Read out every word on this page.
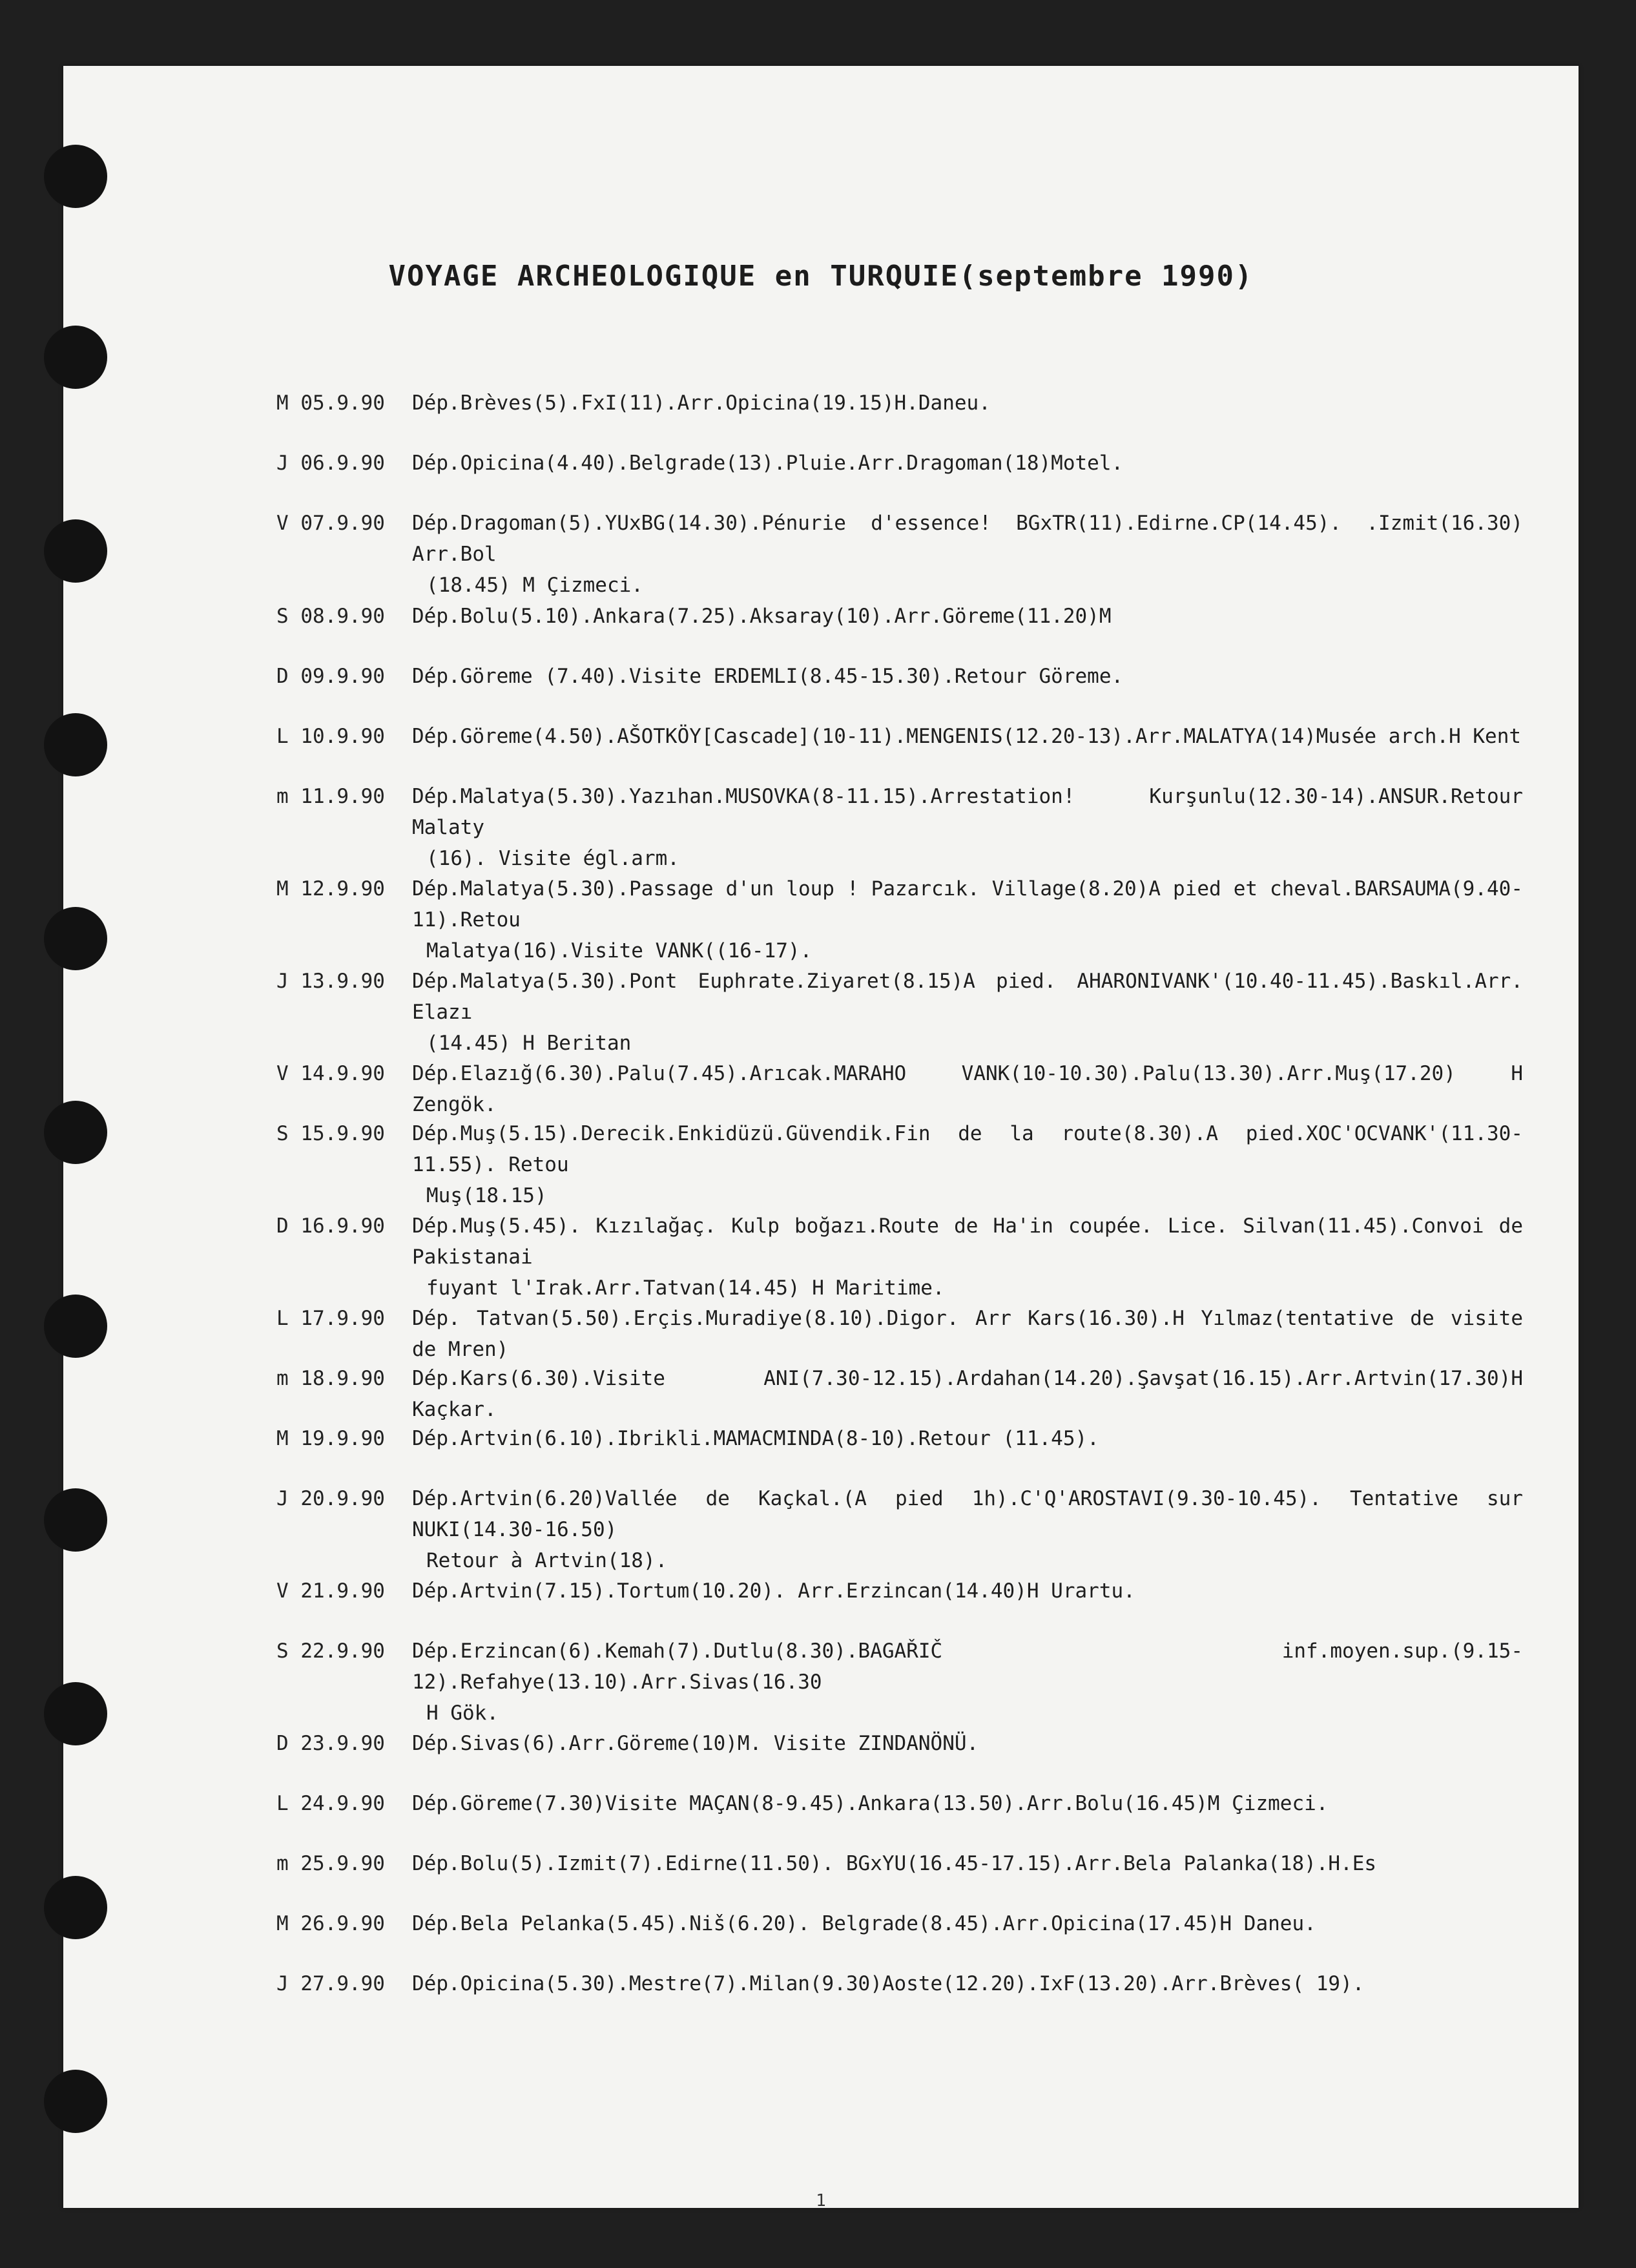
VOYAGE ARCHEOLOGIQUE en TURQUIE(septembre 1990)
M 05.9.90	Dép.Brèves(5).FxI(11).Arr.Opicina(19.15)H.Daneu.
J 06.9.90	Dép.Opicina(4.40).Belgrade(13).Pluie.Arr.Dragoman(18)Motel.
V 07.9.90	Dép.Dragoman(5).YUxBG(14.30).Pénurie d'essence! BGxTR(11).Edirne.CP(14.45). .Izmit(16.30) Arr.Bol
(18.45) M Çizmeci.
S 08.9.90	Dép.Bolu(5.10).Ankara(7.25).Aksaray(10).Arr.Göreme(11.20)M
D 09.9.90	Dép.Göreme (7.40).Visite ERDEMLI(8.45-15.30).Retour Göreme.
L 10.9.90	Dép.Göreme(4.50).AŠOTKÖY[Cascade](10-11).MENGENIS(12.20-13).Arr.MALATYA(14)Musée arch.H Kent
m 11.9.90	Dép.Malatya(5.30).Yazıhan.MUSOVKA(8-11.15).Arrestation! Kurşunlu(12.30-14).ANSUR.Retour Malaty
(16). Visite égl.arm.
M 12.9.90	Dép.Malatya(5.30).Passage d'un loup ! Pazarcık. Village(8.20)A pied et cheval.BARSAUMA(9.40-11).Retou
Malatya(16).Visite VANK((16-17).
J 13.9.90	Dép.Malatya(5.30).Pont Euphrate.Ziyaret(8.15)A pied. AHARONIVANK'(10.40-11.45).Baskıl.Arr. Elazı
(14.45) H Beritan
V 14.9.90	Dép.Elazığ(6.30).Palu(7.45).Arıcak.MARAHO VANK(10-10.30).Palu(13.30).Arr.Muş(17.20) H Zengök.
S 15.9.90	Dép.Muş(5.15).Derecik.Enkidüzü.Güvendik.Fin de la route(8.30).A pied.XOC'OCVANK'(11.30-11.55). Retou
Muş(18.15)
D 16.9.90	Dép.Muş(5.45). Kızılağaç. Kulp boğazı.Route de Ha'in coupée. Lice. Silvan(11.45).Convoi de Pakistanai
fuyant l'Irak.Arr.Tatvan(14.45) H Maritime.
L 17.9.90	Dép. Tatvan(5.50).Erçis.Muradiye(8.10).Digor. Arr Kars(16.30).H Yılmaz(tentative de visite de Mren)
m 18.9.90	Dép.Kars(6.30).Visite ANI(7.30-12.15).Ardahan(14.20).Şavşat(16.15).Arr.Artvin(17.30)H Kaçkar.
M 19.9.90	Dép.Artvin(6.10).Ibrikli.MAMACMINDA(8-10).Retour (11.45).
J 20.9.90	Dép.Artvin(6.20)Vallée de Kaçkal.(A pied 1h).C'Q'AROSTAVI(9.30-10.45). Tentative sur NUKI(14.30-16.50)
Retour à Artvin(18).
V 21.9.90	Dép.Artvin(7.15).Tortum(10.20). Arr.Erzincan(14.40)H Urartu.
S 22.9.90	Dép.Erzincan(6).Kemah(7).Dutlu(8.30).BAGAŘIČ inf.moyen.sup.(9.15-12).Refahye(13.10).Arr.Sivas(16.30
H Gök.
D 23.9.90	Dép.Sivas(6).Arr.Göreme(10)M. Visite ZINDANÖNÜ.
L 24.9.90	Dép.Göreme(7.30)Visite MAÇAN(8-9.45).Ankara(13.50).Arr.Bolu(16.45)M Çizmeci.
m 25.9.90	Dép.Bolu(5).Izmit(7).Edirne(11.50). BGxYU(16.45-17.15).Arr.Bela Palanka(18).H.Es
M 26.9.90	Dép.Bela Pelanka(5.45).Niš(6.20). Belgrade(8.45).Arr.Opicina(17.45)H Daneu.
J 27.9.90	Dép.Opicina(5.30).Mestre(7).Milan(9.30)Aoste(12.20).IxF(13.20).Arr.Brèves( 19).
1
